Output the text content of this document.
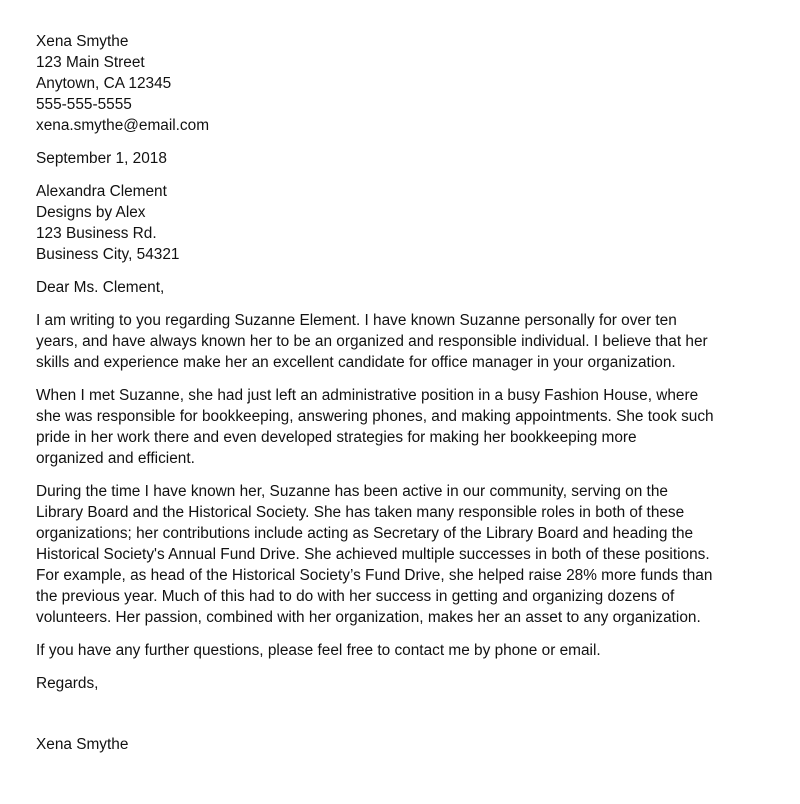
Xena Smythe
123 Main Street
Anytown, CA 12345
555-555-5555
xena.smythe@email.com
September 1, 2018
Alexandra Clement
Designs by Alex
123 Business Rd.
Business City, 54321
Dear Ms. Clement,
I am writing to you regarding Suzanne Element. I have known Suzanne personally for over ten
years, and have always known her to be an organized and responsible individual. I believe that her
skills and experience make her an excellent candidate for office manager in your organization.
When I met Suzanne, she had just left an administrative position in a busy Fashion House, where
she was responsible for bookkeeping, answering phones, and making appointments. She took such
pride in her work there and even developed strategies for making her bookkeeping more
organized and efficient.
During the time I have known her, Suzanne has been active in our community, serving on the
Library Board and the Historical Society. She has taken many responsible roles in both of these
organizations; her contributions include acting as Secretary of the Library Board and heading the
Historical Society's Annual Fund Drive. She achieved multiple successes in both of these positions.
For example, as head of the Historical Society’s Fund Drive, she helped raise 28% more funds than
the previous year. Much of this had to do with her success in getting and organizing dozens of
volunteers. Her passion, combined with her organization, makes her an asset to any organization.
If you have any further questions, please feel free to contact me by phone or email.
Regards,
Xena Smythe
